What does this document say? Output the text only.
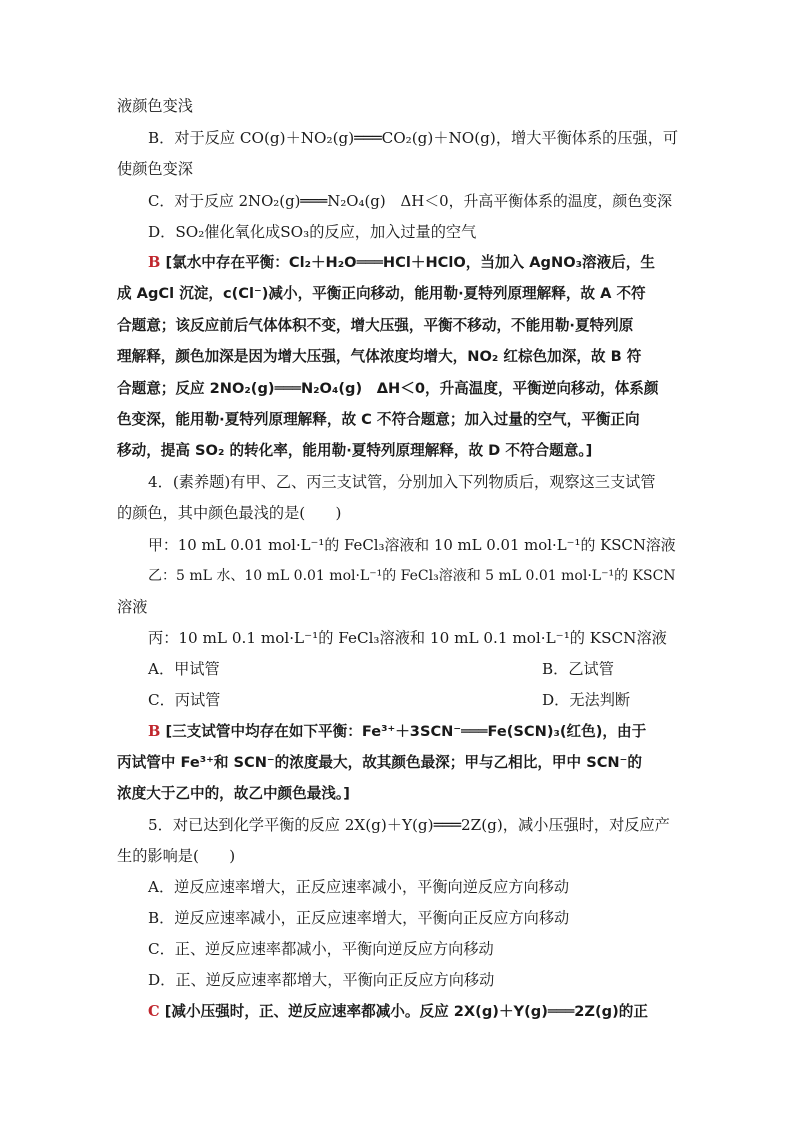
液颜色变浅
B．对于反应 CO(g)＋NO₂(g)═══CO₂(g)＋NO(g)，增大平衡体系的压强，可
使颜色变深
C．对于反应 2NO₂(g)═══N₂O₄(g)　ΔH＜0，升高平衡体系的温度，颜色变深
D．SO₂催化氧化成SO₃的反应，加入过量的空气
B [氯水中存在平衡：Cl₂＋H₂O═══HCl＋HClO，当加入 AgNO₃溶液后，生
成 AgCl 沉淀，c(Cl⁻)减小，平衡正向移动，能用勒·夏特列原理解释，故 A 不符
合题意；该反应前后气体体积不变，增大压强，平衡不移动，不能用勒·夏特列原
理解释，颜色加深是因为增大压强，气体浓度均增大，NO₂ 红棕色加深，故 B 符
合题意；反应 2NO₂(g)═══N₂O₄(g)　ΔH＜0，升高温度，平衡逆向移动，体系颜
色变深，能用勒·夏特列原理解释，故 C 不符合题意；加入过量的空气，平衡正向
移动，提高 SO₂ 的转化率，能用勒·夏特列原理解释，故 D 不符合题意。]
4．(素养题)有甲、乙、丙三支试管，分别加入下列物质后，观察这三支试管
的颜色，其中颜色最浅的是(　　)
甲：10 mL 0.01 mol·L⁻¹的 FeCl₃溶液和 10 mL 0.01 mol·L⁻¹的 KSCN溶液
乙：5 mL 水、10 mL 0.01 mol·L⁻¹的 FeCl₃溶液和 5 mL 0.01 mol·L⁻¹的 KSCN
溶液
丙：10 mL 0.1 mol·L⁻¹的 FeCl₃溶液和 10 mL 0.1 mol·L⁻¹的 KSCN溶液
A．甲试管	B．乙试管
C．丙试管	D．无法判断
B [三支试管中均存在如下平衡：Fe³⁺＋3SCN⁻═══Fe(SCN)₃(红色)，由于
丙试管中 Fe³⁺和 SCN⁻的浓度最大，故其颜色最深；甲与乙相比，甲中 SCN⁻的
浓度大于乙中的，故乙中颜色最浅。]
5．对已达到化学平衡的反应 2X(g)＋Y(g)═══2Z(g)，减小压强时，对反应产
生的影响是(　　)
A．逆反应速率增大，正反应速率减小，平衡向逆反应方向移动
B．逆反应速率减小，正反应速率增大，平衡向正反应方向移动
C．正、逆反应速率都减小，平衡向逆反应方向移动
D．正、逆反应速率都增大，平衡向正反应方向移动
C [减小压强时，正、逆反应速率都减小。反应 2X(g)＋Y(g)═══2Z(g)的正
